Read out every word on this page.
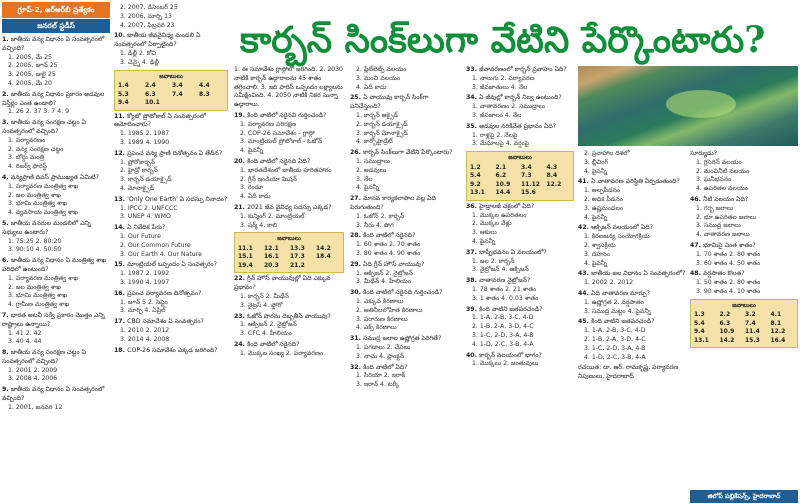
గ్రూప్‌-2, ఆర్‌ఆర్‌బీ ప్రత్యేకం
జనరల్‌ స్టడీస్‌	కార్బన్‌ సింక్‌లుగా వేటిని పేర్కొంటారు?
1. జాతీయ వన్య విధానం ఏ సంవత్సరంలో వచ్చింది?
1. 2005, మే 25
2. 2005, జూన్‌ 25
3. 2005, జులై 25
4. 2005, మే 20
2. జాతీయ వన్య విధానం ప్రకారం అడవుల విస్తీర్ణం ఎంత ఉండాలి?
1. 26 2. 37 3. 7 4. 9
3. జాతీయ వన్య సంరక్షణ చట్టం ఏ సంవత్సరంలో వచ్చింది?
1. పర్యావరణం
2. వన్య సంరక్షణ చట్టం
3. బోర్డు మంత్రి
4. రిజర్వ్‌ ఫారెస్ట్‌
4. వన్యప్రాణి దివస్‌ ప్రాముఖ్యత ఏమిటి?
1. పర్యావరణ మంత్రిత్వ శాఖ
2. జల మంత్రిత్వ శాఖ
3. భూమి మంత్రిత్వ శాఖ
4. వ్యవసాయ మంత్రిత్వ శాఖ
5. జాతీయ వనరుల మండలిలో ఎన్ని సభ్యులు ఉంటారు?
1. 75:25 2. 80:20
3. 90:10 4. 50:50
6. జాతీయ వన్య విధానం ఏ మంత్రిత్వ శాఖ పరిధిలో ఉంటుంది?
1. పర్యావరణ మంత్రిత్వ శాఖ
2. జల మంత్రిత్వ శాఖ
3. భూమి మంత్రిత్వ శాఖ
4. గ్రామీణ మంత్రిత్వ శాఖ
7. భారత అటవీ సర్వే ప్రకారం మొత్తం ఎన్ని రాష్ట్రాలు ఉన్నాయి?
1. 41 2. 42
3. 40 4. 44
8. జాతీయ వన్య సంరక్షణ చట్టం ఏ సంవత్సరంలో వచ్చింది?
1. 2001 2. 2009
3. 2008 4. 2006
9. జాతీయ వన్య విధానం ఏ సంవత్సరంలో వచ్చింది?
1. 2001, జనవరి 12
2. 2007, డిసెంబర్‌ 25
3. 2006, మార్చి 13
4. 2007, ఫిబ్రవరి 23
10. జాతీయ జీవవైవిధ్య మండలి ఏ సంవత్సరంలో ఏర్పాటైంది?
1. డిల్లీ 2. కోచి
3. చెన్నై 4. ఢిల్లీ
జవాబులు
1.4	2.4	3.4	4.4
5.3	6.3	7.4	8.3
9.4	10.1
11. క్యోటో ప్రోటోకాల్‌ ఏ సంవత్సరంలో ఆమోదించారు?
1. 1985 2. 1987
3. 1989 4. 1990
12. ప్రపంచ వన్య ప్రాణి దినోత్సవం ఏ తేదీన?
1. ఫ్రోరోకార్బన్‌
2. హైడ్రో కార్బన్‌
3. కార్బన్‌ డయాక్సైడ్‌
4. మోనాక్సైడ్‌
13. 'Only One Earth' ఏ సదస్సు నినాదం?
1. IPCC 2. UNFCCC
3. UNEP 4. WMO
14. ఏ నివేదిక పేరు?
1. Our Future
2. Our Common Future
3. Our Earth 4. Our Nature
15. మాంట్రియల్‌ ఒప్పందం ఏ సంవత్సరం?
1. 1987 2. 1992
3. 1990 4. 1997
16. ప్రపంచ పర్యావరణ దినోత్సవం?
1. జూన్‌ 5 2. సెప్టెం
3. మార్చి 4. ఏప్రిల్
17. CBD సమావేశం ఏ సంవత్సరం?
1. 2010 2. 2012
3. 2014 4. 2008
18. COP-26 సమావేశం ఎక్కడ జరిగింది?
1. ఈ సమావేశం గ్లాస్గోలో జరిగింది. 2. 2030 నాటికి కార్బన్‌ ఉద్గారాలను 45 శాతం తగ్గించాలి. 3. ఇది పారిస్‌ ఒప్పందం లక్ష్యాలను సమీక్షించింది. 4. 2050 నాటికి నికర సున్నా ఉద్గారాలు.
19. కింది వాటిలో సరైనవి గుర్తించండి?
1. పర్యావరణ పరిరక్షణ
2. COP-26 సమావేశం - గ్లాస్గో
3. మాంట్రియల్‌ ప్రోటోకాల్‌ - ఓజోన్‌
4. పైవన్నీ
20. కింది వాటిలో సరైనది ఏది?
1. భారతదేశంలో జాతీయ హరితహారం
2. గ్రీన్‌ ఇండియా మిషన్‌
3. రెండూ
4. ఏదీ కాదు
21. 2021 జీవ వైవిధ్య సదస్సు ఎక్కడ?
1. కున్మింగ్‌ 2. మాంట్రియల్‌
3. షర్మ్‌ 4. కాలి
జవాబులు
11.1	12.1	13.3	14.2
15.1	16.1	17.3	18.4
19.4	20.3	21.2
22. గ్రీన్‌ హౌస్‌ వాయువుల్లో ఏది ఎక్కువ ప్రభావం?
1. కార్బన్‌ 2. మీథేన్‌
3. నైట్రస్‌ 4. ఫ్లోరో
23. ఓజోన్‌ పొరను దెబ్బతీసే వాయువు?
1. ఆక్సిజన్‌ 2. నైట్రోజన్‌
3. CFC 4. హీలియం
24. కింది వాటిలో సరైనది?
1. మొక్కల సంఖ్య 2. పర్యావరణం
2. ప్లేట్‌లెట్స్‌ వలయం
3. మంచి వలయం
4. ఏదీ కాదు
25. ఏ వాయువు కార్బన్‌ సింక్‌గా పనిచేస్తుంది?
1. కార్బన్‌ ఆక్సైడ్‌
2. కార్బన్‌ డయాక్సైడ్‌
3. కార్బన్‌ మోనాక్సైడ్‌
4. కార్బోహైడ్రేట్‌
26. కార్బన్‌ సింక్‌లుగా వేటిని పేర్కొంటారు?
1. సముద్రాలు
2. అడవులు
3. నేల
4. పైవన్నీ
27. మానవ కార్యకలాపాల వల్ల ఏది పెరుగుతుంది?
1. ఓజోన్‌ 2. కార్బన్‌
3. నీరు 4. పొగ
28. కింది వాటిలో సరైనది?
1. 60 శాతం 2. 70 శాతం
3. 80 శాతం 4. 90 శాతం
29. ఏది గ్రీన్‌ హౌస్‌ వాయువు?
1. ఆక్సిజన్‌ 2. నైట్రోజన్‌
3. మీథేన్‌ 4. హీలియం
30. కింది వాటిలో సరైనది గుర్తించండి?
1. ఎక్కువ కిరణాలు
2. అతినీలలోహిత కిరణాలు
3. పరారుణ కిరణాలు
4. ఎక్స్‌ కిరణాలు
31. సముద్ర జలాల ఉష్ణోగ్రత పెరిగితే?
1. పగడాలు 2. చేపలు
3. నాచు 4. ప్లాంక్టన్‌
32. కింది వాటిలో ఏది?
1. సిరియా 2. ఇరాక్‌
3. ఇరాన్‌ 4. టర్కీ
33. జీవావరణంలో కార్బన్‌ ప్రవాహం ఏది?
1. నాలుగు 2. పర్యావరణ
3. జీవజాతులు 4. నేల
34. ఏ జీవుల్లో కార్బన్‌ నిల్వ ఉంటుంది?
1. వాతావరణం 2. సముద్రాలు
3. జీవజాలం 4. నేల
35. అడవుల నరికివేత ప్రభావం ఏది?
1. రాళ్లపై 2. నేలపై
3. మేఘాలపై 4. వర్షంపై
జవాబులు
1.2	2.1	3.4	4.3
5.4	6.2	7.3	8.4
9.2	10.9	11.12	12.2
13.1	14.4	15.6
36. హైడ్రాలజీ చక్రంలో ఏది?
1. మొక్కల ఉపరితలం
2. మొక్కల వేళ్లు
3. ఆకులు
4. పైవన్నీ
37. బాష్పీభవనం ఏ వలయంలో?
1. జల 2. కార్బన్‌
3. నైట్రోజన్‌ 4. ఆక్సిజన్‌
38. వాతావరణ నైట్రోజన్‌?
1. 78 శాతం 2. 21 శాతం
3. 1 శాతం 4. 0.03 శాతం
39. కింది వాటిని జతపరచండి?
1. 1-A, 2-B, 3-C, 4-D
2. 1-B, 2-A, 3-D, 4-C
3. 1-C, 2-D, 3-A, 4-B
4. 1-D, 2-C, 3-B, 4-A
40. కార్బన్‌ వలయంలో భాగం?
1. మొక్కలు 2. జంతువులు
2. ప్రవాహాల దిశలో
3. బ్లీచింగ్‌
4. పైవన్నీ
41. ఏ వాతావరణ పరిస్థితి ఏర్పడుతుంది?
1. అల్పపీడనం
2. అధిక పీడనం
3. ఉష్ణమండలం
4. పైవన్నీ
42. ఆక్సిజన్‌ వలయంలో ఏది?
1. కిరణజన్య సంయోగక్రియ
2. శ్వాసక్రియ
3. దహనం
4. పైవన్నీ
43. జాతీయ జల విధానం ఏ సంవత్సరంలో?
1. 2002 2. 2012
44. ఏది వాతావరణ మార్పు?
1. ఉష్ణోగ్రత 2. వర్షపాతం
3. సముద్ర మట్టం 4. పైవన్నీ
45. కింది వాటిని జతపరచండి?
1. 1-A, 2-B, 3-C, 4-D
2. 1-B, 2-A, 3-D, 4-C
3. 1-C, 2-D, 3-A, 4-B
4. 1-D, 2-C, 3-B, 4-A
రచయిత: డా. ఆర్‌. రామకృష్ణ, పర్యావరణ నిపుణులు, హైదరాబాద్‌
సూర్యుడు?
1. గ్లిసెరిన్‌ వలయం
2. మంచినీటి వలయం
3. ఘనీభవనం
4. ఉపరితల వలయం
46. నీటి వలయం ఏది?
1. గర్భ జలాలు
2. భూ ఉపరితల జలాలు
3. సముద్ర జలాలు
4. వాతావరణ జలాలు
47. భూమిపై ఎంత శాతం?
1. 70 శాతం 2. 80 శాతం
3. 60 శాతం 4. 50 శాతం
48. వర్షపాతం కొలత?
1. 50 శాతం 2. 80 శాతం
3. 90 శాతం 4. 10 శాతం
జవాబులు
1.3	2.2	3.2	4.1
5.4	6.3	7.4	8.1
9.4	10.9	11.4	12.2
13.1	14.2	15.3	16.4
జిలోప్‌ పబ్లికేషన్స్‌, హైదరాబాద్‌
